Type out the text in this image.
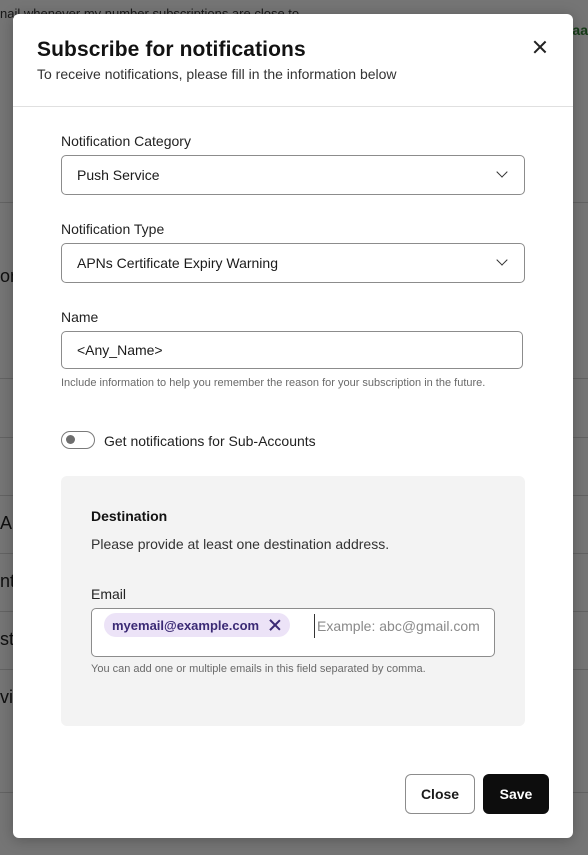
Subscribe for notifications
To receive notifications, please fill in the information below
Notification Category
Push Service
Notification Type
APNs Certificate Expiry Warning
Name
<Any_Name>
Include information to help you remember the reason for your subscription in the future.
Get notifications for Sub-Accounts
Destination
Please provide at least one destination address.
Email
myemail@example.com
Example: abc@gmail.com
You can add one or multiple emails in this field separated by comma.
Close	Save
